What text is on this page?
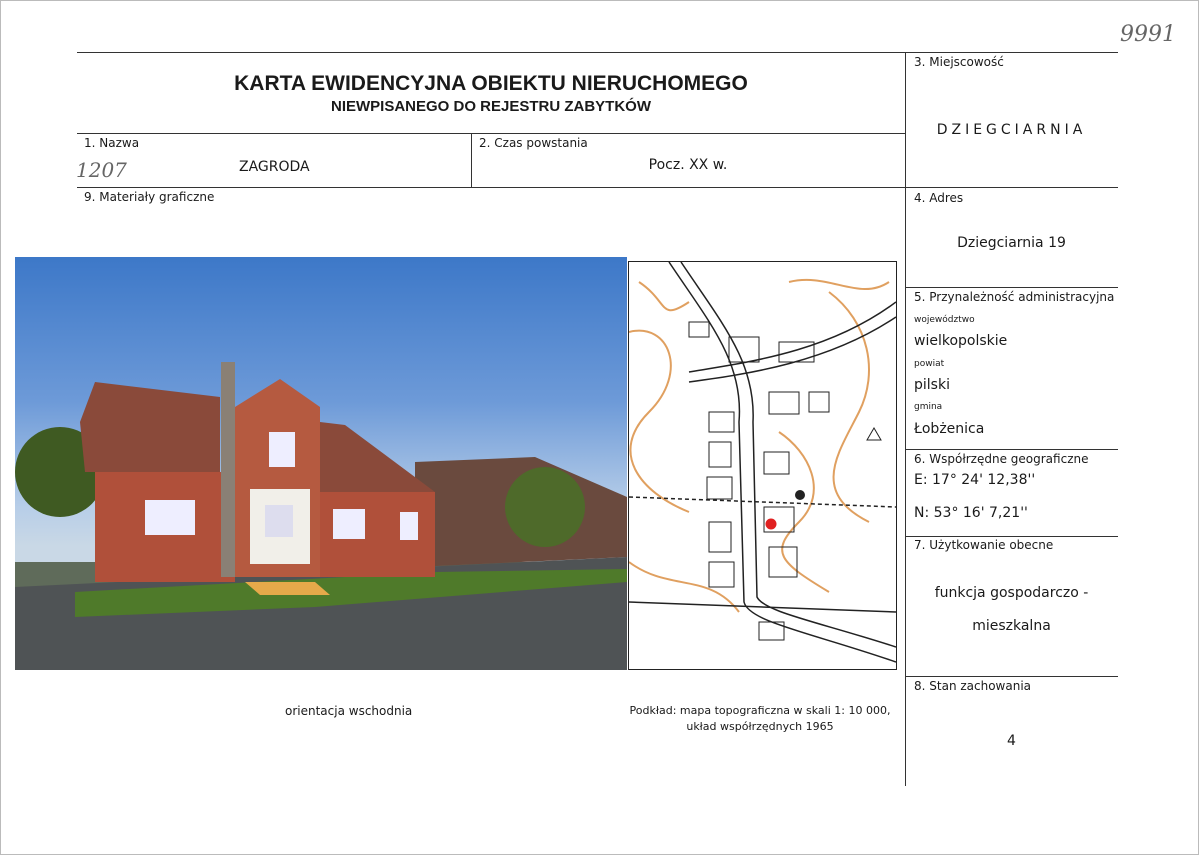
9991
KARTA EWIDENCYJNA OBIEKTU NIERUCHOMEGO
NIEWPISANEGO DO REJESTRU ZABYTKÓW
1. Nazwa
1207	ZAGRODA
2. Czas powstania
Pocz. XX w.
9. Materiały graficzne
3. Miejscowość
DZIEGCIARNIA
4. Adres
Dziegciarnia 19
5. Przynależność administracyjna
województwo
wielkopolskie
powiat
pilski
gmina
Łobżenica
6. Współrzędne geograficzne
E: 17° 24' 12,38''
N: 53° 16' 7,21''
7. Użytkowanie obecne
funkcja gospodarczo -
mieszkalna
8. Stan zachowania
4
orientacja wschodnia	Podkład: mapa topograficzna w skali 1: 10 000,
układ współrzędnych 1965
